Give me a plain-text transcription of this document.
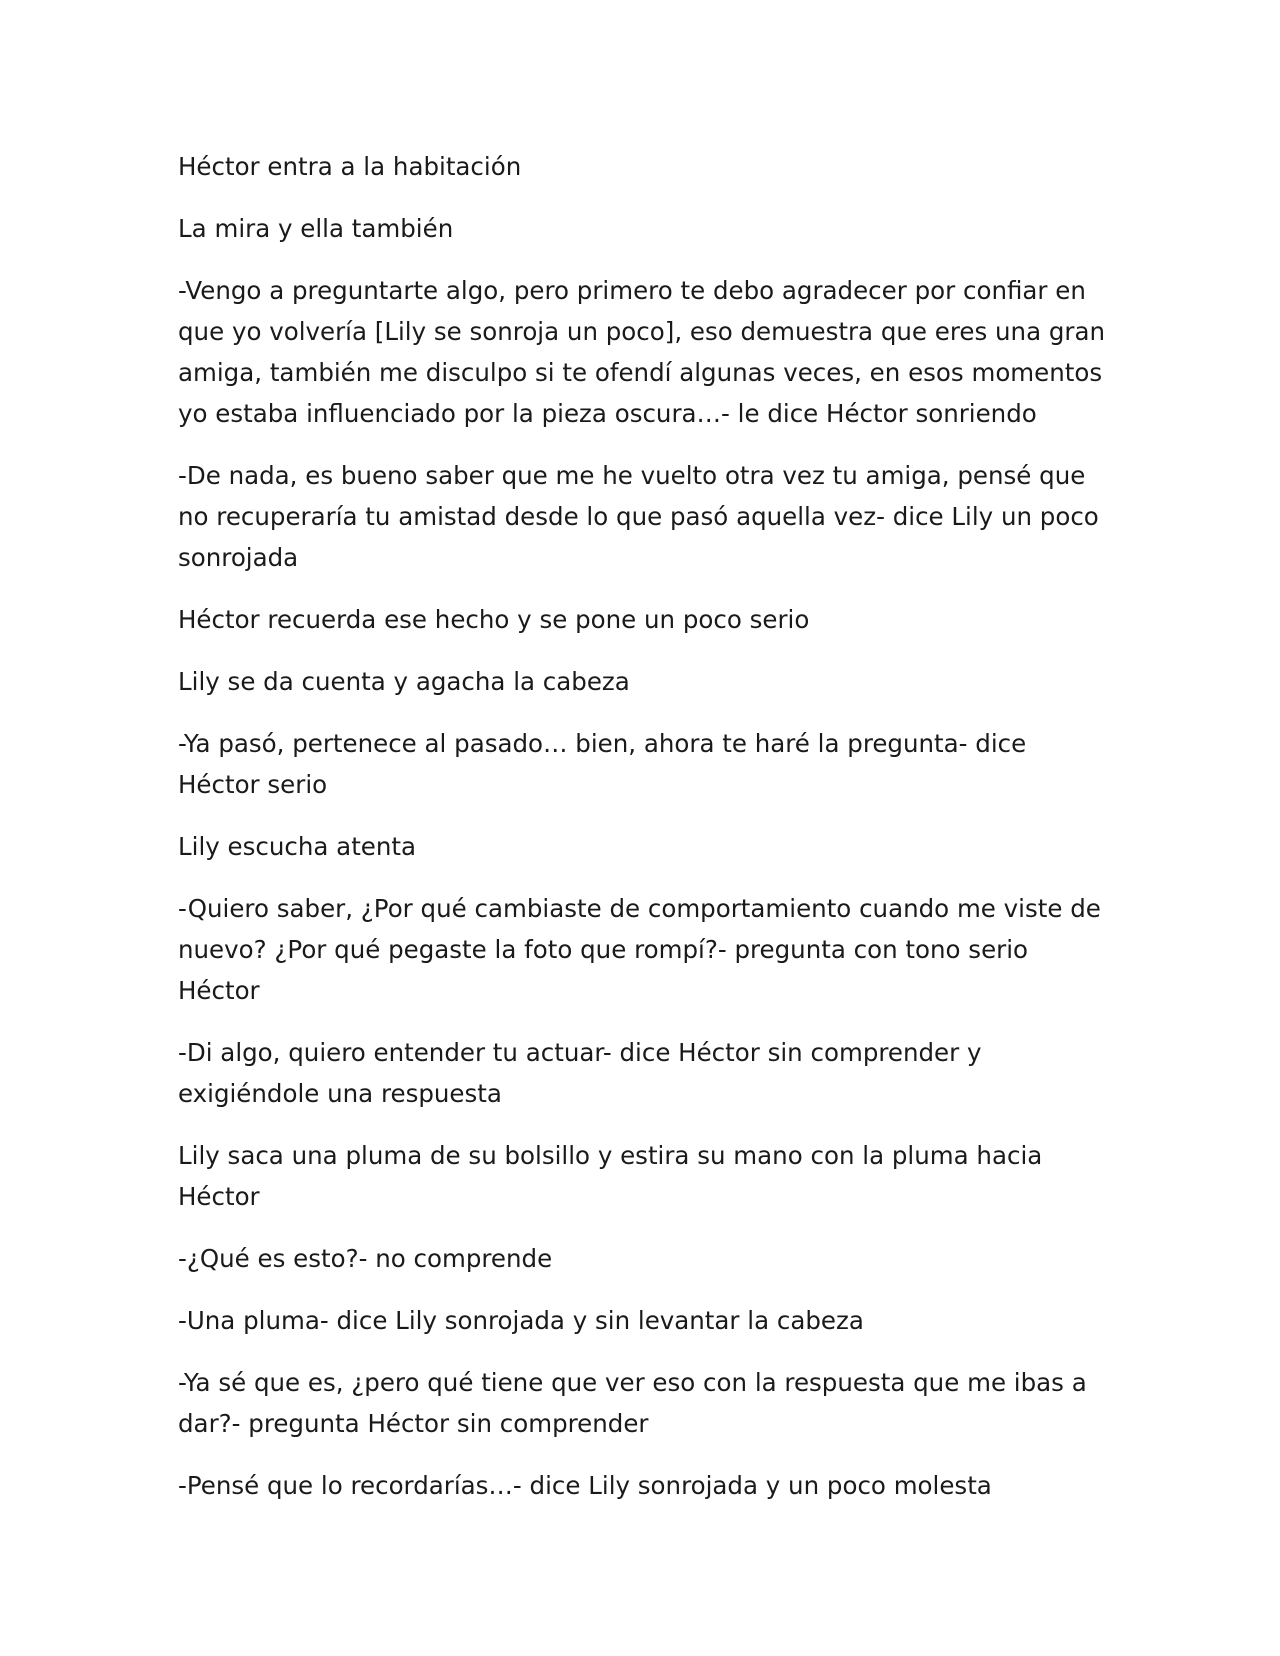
Héctor entra a la habitación

La mira y ella también

-Vengo a preguntarte algo, pero primero te debo agradecer por confiar en que yo volvería [Lily se sonroja un poco], eso demuestra que eres una gran amiga, también me disculpo si te ofendí algunas veces, en esos momentos yo estaba influenciado por la pieza oscura…- le dice Héctor sonriendo

-De nada, es bueno saber que me he vuelto otra vez tu amiga, pensé que no recuperaría tu amistad desde lo que pasó aquella vez- dice Lily un poco sonrojada

Héctor recuerda ese hecho y se pone un poco serio

Lily se da cuenta y agacha la cabeza

-Ya pasó, pertenece al pasado… bien, ahora te haré la pregunta- dice Héctor serio

Lily escucha atenta

-Quiero saber, ¿Por qué cambiaste de comportamiento cuando me viste de nuevo? ¿Por qué pegaste la foto que rompí?- pregunta con tono serio Héctor

-Di algo, quiero entender tu actuar- dice Héctor sin comprender y exigiéndole una respuesta

Lily saca una pluma de su bolsillo y estira su mano con la pluma hacia Héctor

-¿Qué es esto?- no comprende

-Una pluma- dice Lily sonrojada y sin levantar la cabeza

-Ya sé que es, ¿pero qué tiene que ver eso con la respuesta que me ibas a dar?- pregunta Héctor sin comprender

-Pensé que lo recordarías…- dice Lily sonrojada y un poco molesta
